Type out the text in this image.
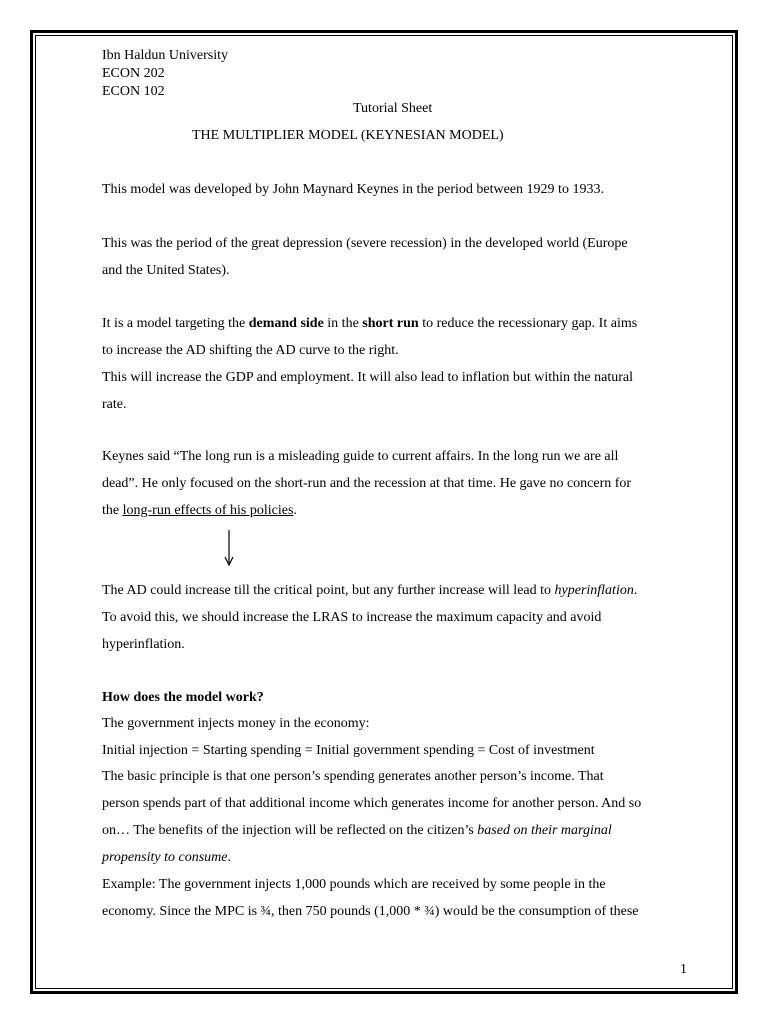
Ibn Haldun University
ECON 202
ECON 102
Tutorial Sheet
THE MULTIPLIER MODEL (KEYNESIAN MODEL)
This model was developed by John Maynard Keynes in the period between 1929 to 1933.
This was the period of the great depression (severe recession) in the developed world (Europe
and the United States).
It is a model targeting the demand side in the short run to reduce the recessionary gap. It aims
to increase the AD shifting the AD curve to the right.
This will increase the GDP and employment. It will also lead to inflation but within the natural
rate.
Keynes said “The long run is a misleading guide to current affairs. In the long run we are all
dead”. He only focused on the short-run and the recession at that time. He gave no concern for
the long-run effects of his policies.
The AD could increase till the critical point, but any further increase will lead to hyperinflation.
To avoid this, we should increase the LRAS to increase the maximum capacity and avoid
hyperinflation.
How does the model work?
The government injects money in the economy:
Initial injection = Starting spending = Initial government spending = Cost of investment
The basic principle is that one person’s spending generates another person’s income. That
person spends part of that additional income which generates income for another person. And so
on… The benefits of the injection will be reflected on the citizen’s based on their marginal
propensity to consume.
Example: The government injects 1,000 pounds which are received by some people in the
economy. Since the MPC is ¾, then 750 pounds (1,000 * ¾) would be the consumption of these
1
